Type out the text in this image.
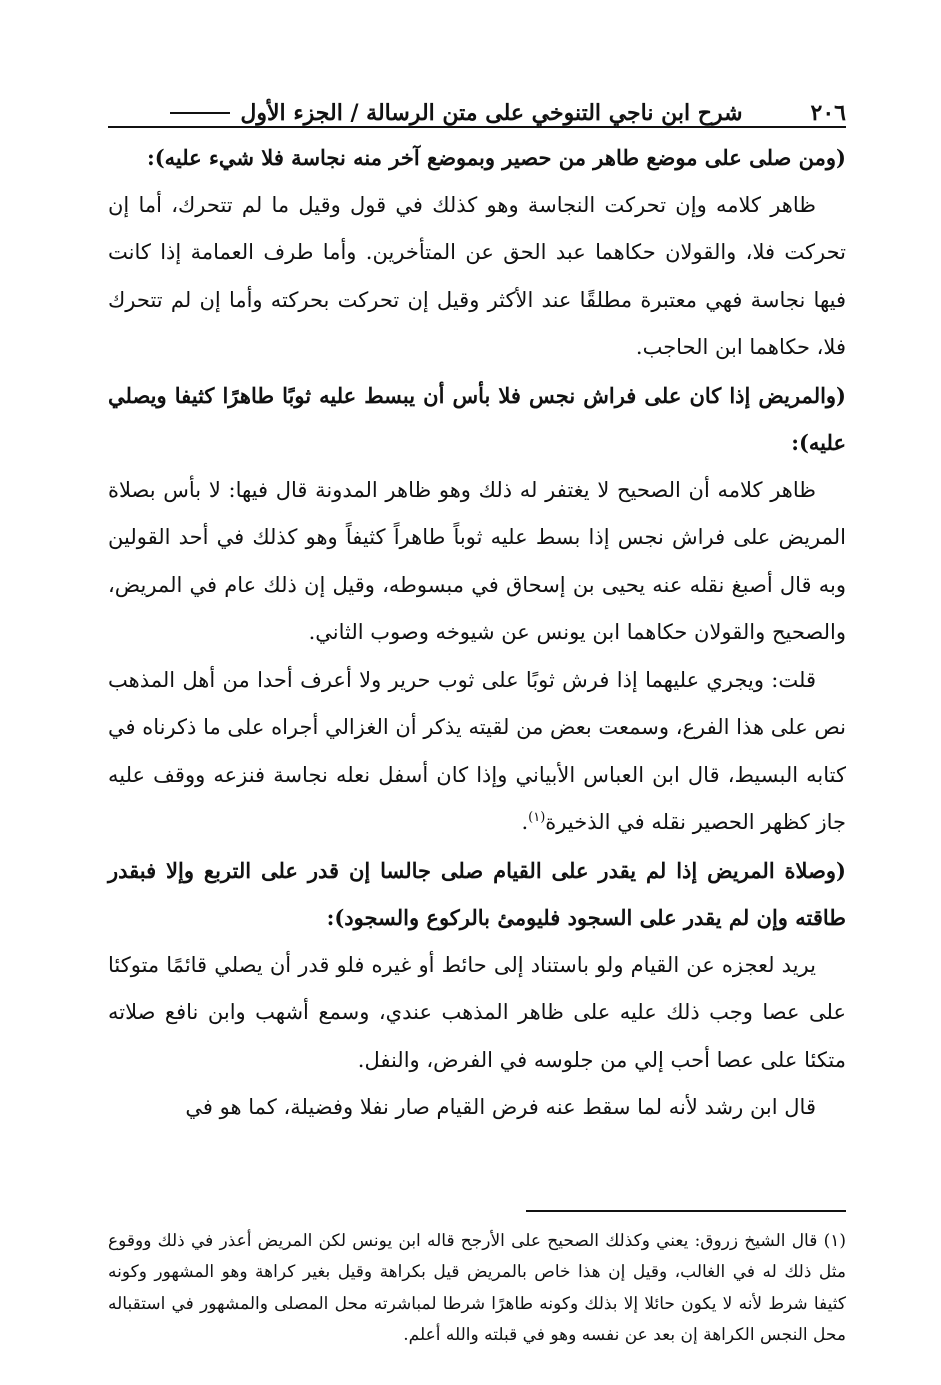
٢٠٦
شرح ابن ناجي التنوخي على متن الرسالة / الجزء الأول

(ومن صلى على موضع طاهر من حصير وبموضع آخر منه نجاسة فلا شيء عليه):

ظاهر كلامه وإن تحركت النجاسة وهو كذلك في قول وقيل ما لم تتحرك، أما إن تحركت فلا، والقولان حكاهما عبد الحق عن المتأخرين. وأما طرف العمامة إذا كانت فيها نجاسة فهي معتبرة مطلقًا عند الأكثر وقيل إن تحركت بحركته وأما إن لم تتحرك فلا، حكاهما ابن الحاجب.

(والمريض إذا كان على فراش نجس فلا بأس أن يبسط عليه ثوبًا طاهرًا كثيفا ويصلي عليه):

ظاهر كلامه أن الصحيح لا يغتفر له ذلك وهو ظاهر المدونة قال فيها: لا بأس بصلاة المريض على فراش نجس إذا بسط عليه ثوباً طاهراً كثيفاً وهو كذلك في أحد القولين وبه قال أصبغ نقله عنه يحيى بن إسحاق في مبسوطه، وقيل إن ذلك عام في المريض، والصحيح والقولان حكاهما ابن يونس عن شيوخه وصوب الثاني.

قلت: ويجري عليهما إذا فرش ثوبًا على ثوب حرير ولا أعرف أحدا من أهل المذهب نص على هذا الفرع، وسمعت بعض من لقيته يذكر أن الغزالي أجراه على ما ذكرناه في كتابه البسيط، قال ابن العباس الأبياني وإذا كان أسفل نعله نجاسة فنزعه ووقف عليه جاز كظهر الحصير نقله في الذخيرة$^{(١)}$.

(وصلاة المريض إذا لم يقدر على القيام صلى جالسا إن قدر على التربع وإلا فبقدر طاقته وإن لم يقدر على السجود فليومئ بالركوع والسجود):

يريد لعجزه عن القيام ولو باستناد إلى حائط أو غيره فلو قدر أن يصلي قائمًا متوكئا على عصا وجب ذلك عليه على ظاهر المذهب عندي، وسمع أشهب وابن نافع صلاته متكئا على عصا أحب إلي من جلوسه في الفرض، والنفل.

قال ابن رشد لأنه لما سقط عنه فرض القيام صار نفلا وفضيلة، كما هو في

(١) قال الشيخ زروق: يعني وكذلك الصحيح على الأرجح قاله ابن يونس لكن المريض أعذر في ذلك ووقوع مثل ذلك له في الغالب، وقيل إن هذا خاص بالمريض قيل بكراهة وقيل بغير كراهة وهو المشهور وكونه كثيفا شرط لأنه لا يكون حائلا إلا بذلك وكونه طاهرًا شرطا لمباشرته محل المصلى والمشهور في استقباله محل النجس الكراهة إن بعد عن نفسه وهو في قبلته والله أعلم.
